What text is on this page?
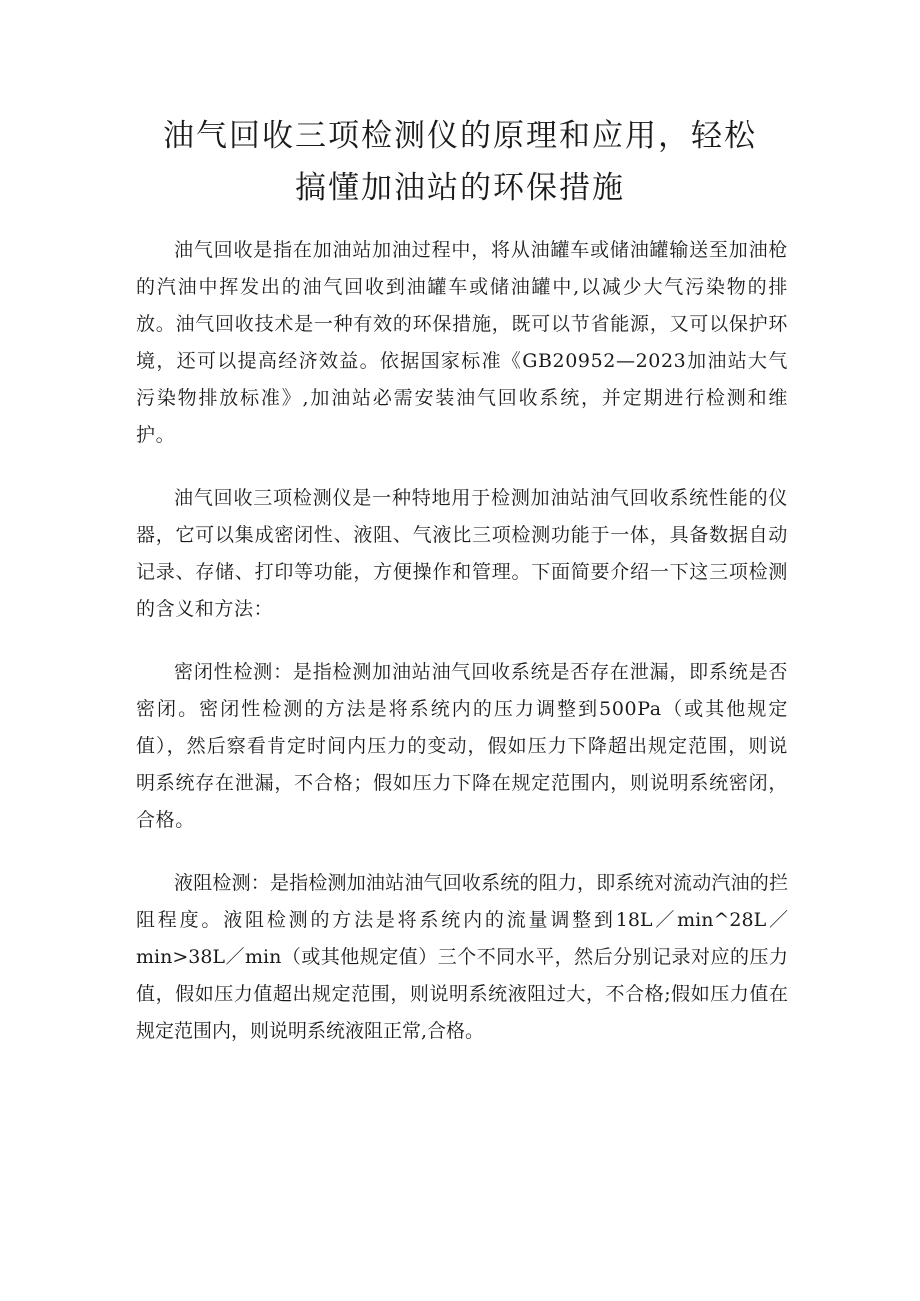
油气回收三项检测仪的原理和应用，轻松
搞懂加油站的环保措施

油气回收是指在加油站加油过程中，将从油罐车或储油罐输送至加油枪的汽油中挥发出的油气回收到油罐车或储油罐中,以减少大气污染物的排放。油气回收技术是一种有效的环保措施，既可以节省能源，又可以保护环境，还可以提高经济效益。依据国家标准《GB20952—2023加油站大气污染物排放标准》,加油站必需安装油气回收系统，并定期进行检测和维护。

油气回收三项检测仪是一种特地用于检测加油站油气回收系统性能的仪器，它可以集成密闭性、液阻、气液比三项检测功能于一体，具备数据自动记录、存储、打印等功能，方便操作和管理。下面简要介绍一下这三项检测的含义和方法：

密闭性检测：是指检测加油站油气回收系统是否存在泄漏，即系统是否密闭。密闭性检测的方法是将系统内的压力调整到500Pa（或其他规定值），然后察看肯定时间内压力的变动，假如压力下降超出规定范围，则说明系统存在泄漏，不合格；假如压力下降在规定范围内，则说明系统密闭，合格。

液阻检测：是指检测加油站油气回收系统的阻力，即系统对流动汽油的拦阻程度。液阻检测的方法是将系统内的流量调整到18L／min^28L／min>38L／min（或其他规定值）三个不同水平，然后分别记录对应的压力值，假如压力值超出规定范围，则说明系统液阻过大，不合格;假如压力值在规定范围内，则说明系统液阻正常,合格。
